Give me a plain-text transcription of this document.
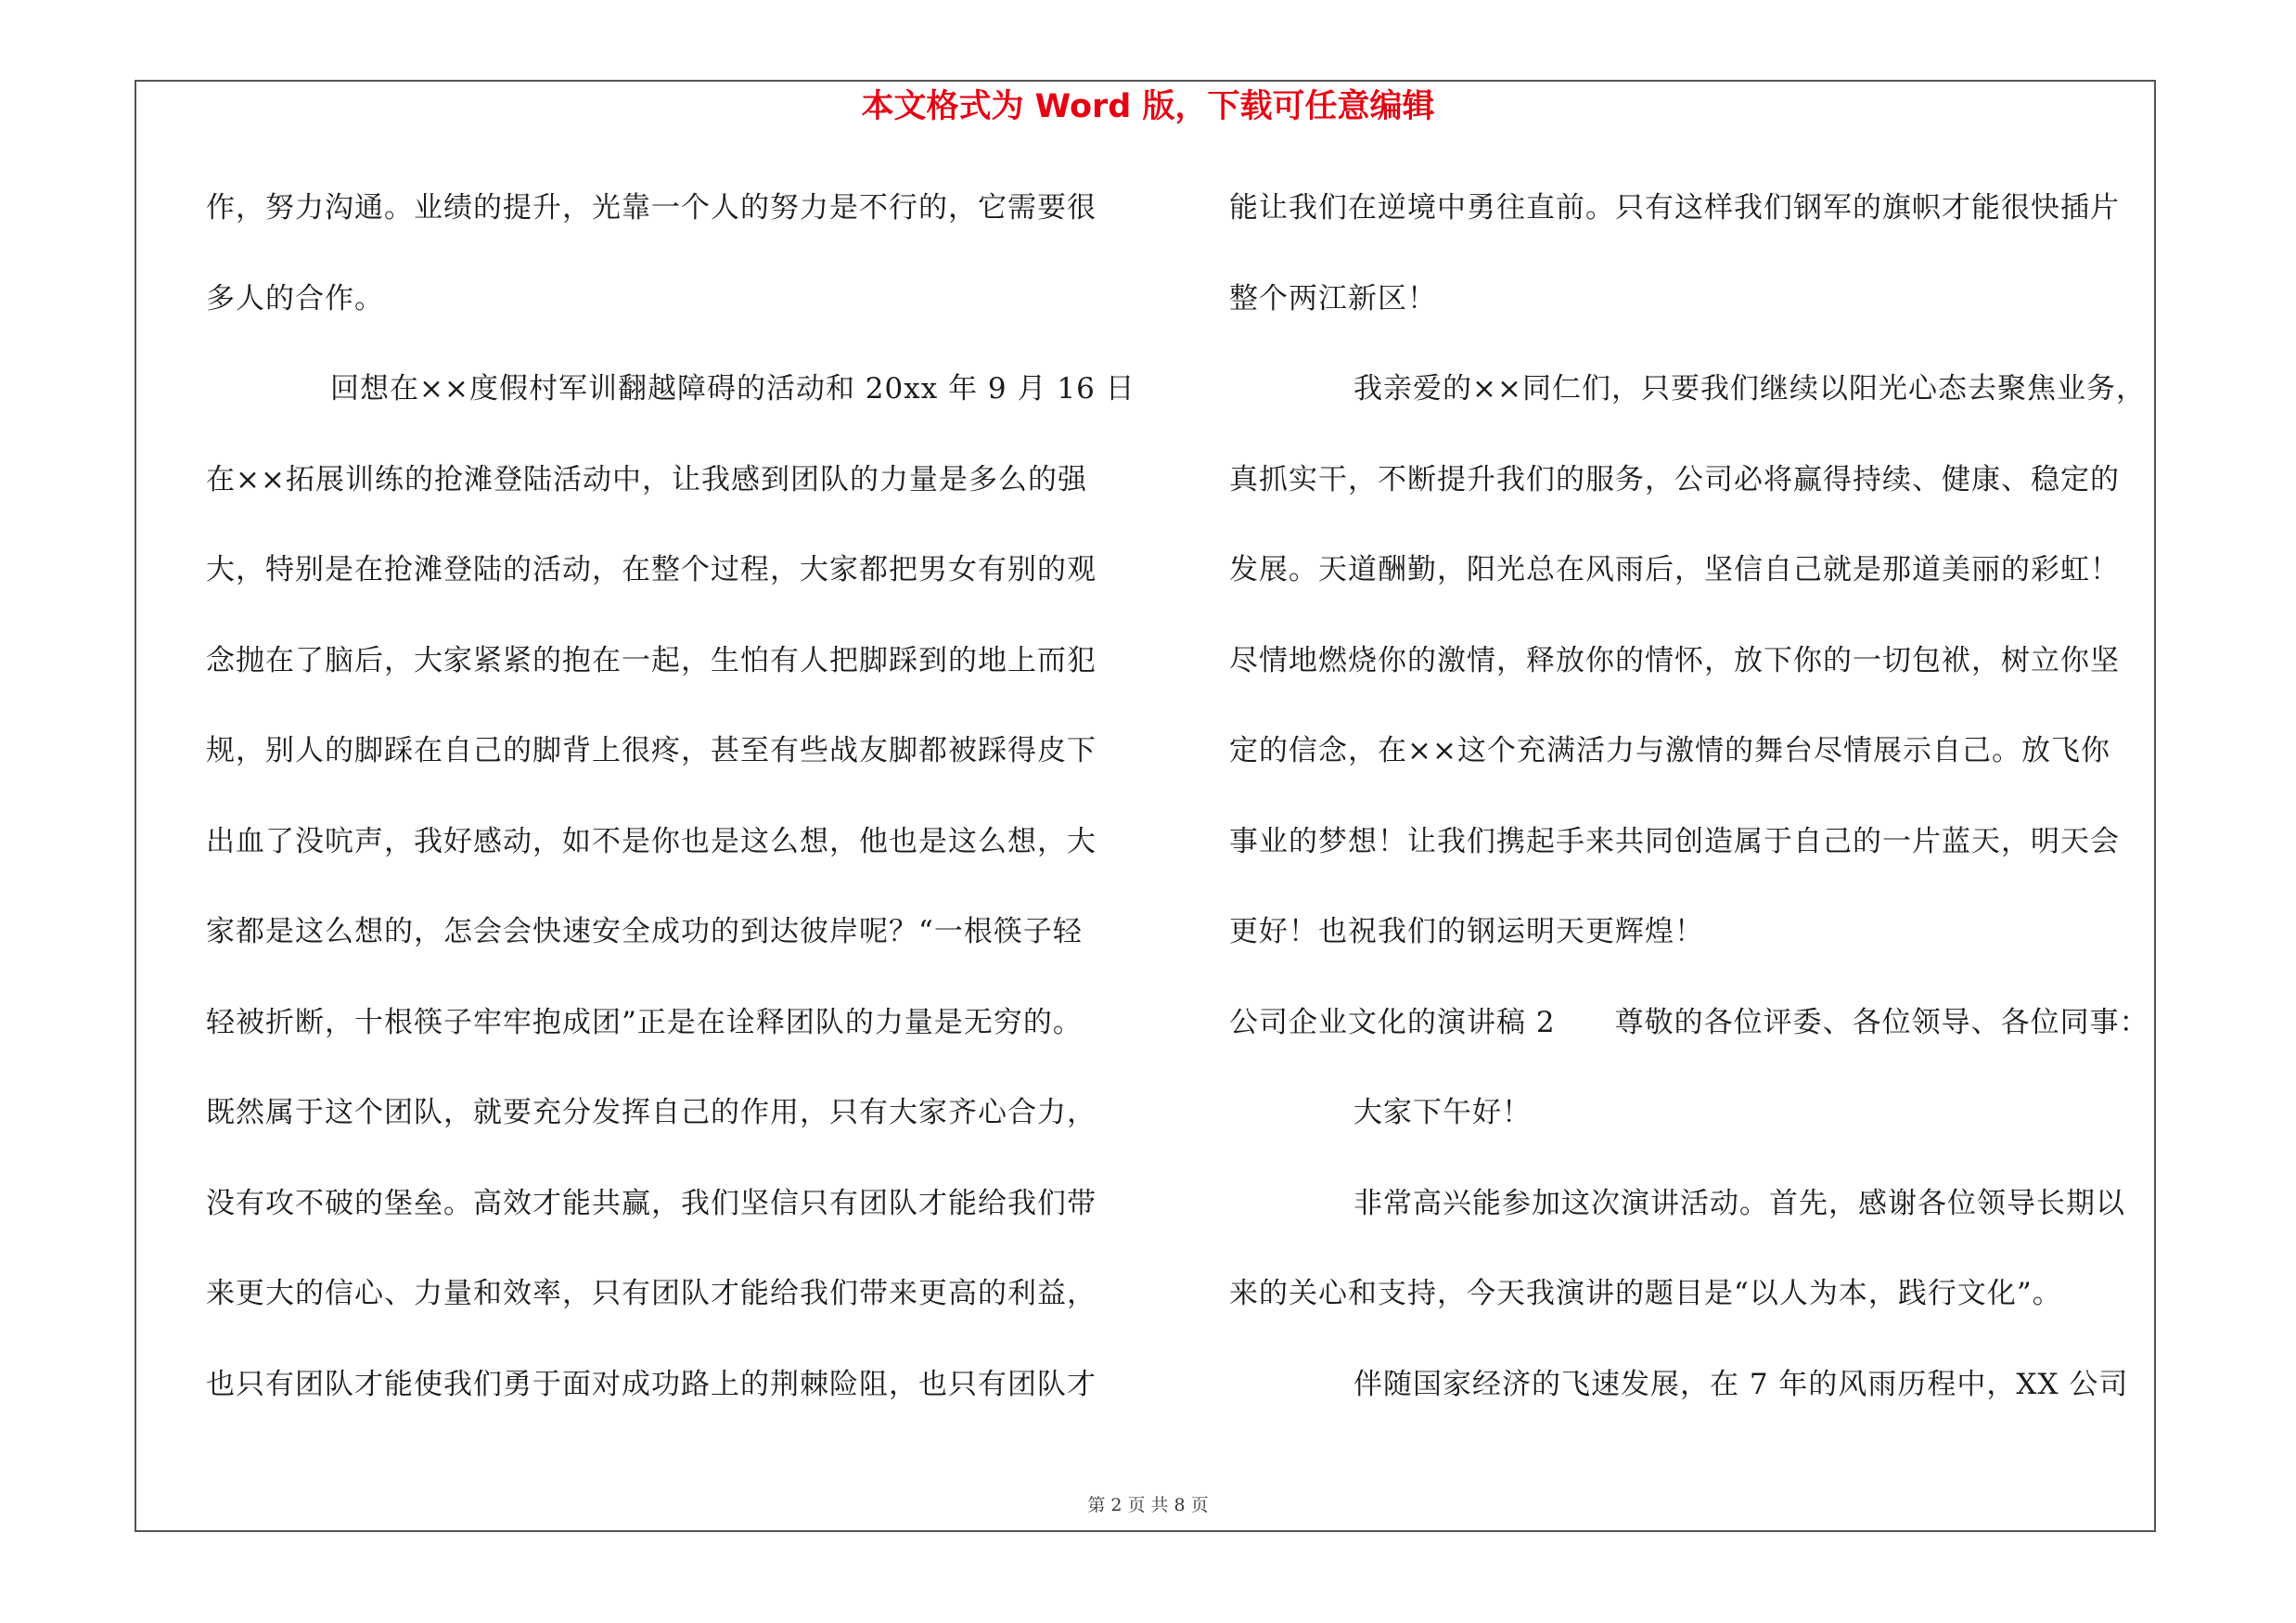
本文格式为 Word 版，下载可任意编辑
作，努力沟通。业绩的提升，光靠一个人的努力是不行的，它需要很
多人的合作。
回想在××度假村军训翻越障碍的活动和 20xx 年 9 月 16 日
在××拓展训练的抢滩登陆活动中，让我感到团队的力量是多么的强
大，特别是在抢滩登陆的活动，在整个过程，大家都把男女有别的观
念抛在了脑后，大家紧紧的抱在一起，生怕有人把脚踩到的地上而犯
规，别人的脚踩在自己的脚背上很疼，甚至有些战友脚都被踩得皮下
出血了没吭声，我好感动，如不是你也是这么想，他也是这么想，大
家都是这么想的，怎会会快速安全成功的到达彼岸呢？“一根筷子轻
轻被折断，十根筷子牢牢抱成团”正是在诠释团队的力量是无穷的。
既然属于这个团队，就要充分发挥自己的作用，只有大家齐心合力，
没有攻不破的堡垒。高效才能共赢，我们坚信只有团队才能给我们带
来更大的信心、力量和效率，只有团队才能给我们带来更高的利益，
也只有团队才能使我们勇于面对成功路上的荆棘险阻，也只有团队才
能让我们在逆境中勇往直前。只有这样我们钢军的旗帜才能很快插片
整个两江新区！
我亲爱的××同仁们，只要我们继续以阳光心态去聚焦业务，
真抓实干，不断提升我们的服务，公司必将赢得持续、健康、稳定的
发展。天道酬勤，阳光总在风雨后，坚信自己就是那道美丽的彩虹！
尽情地燃烧你的激情，释放你的情怀，放下你的一切包袱，树立你坚
定的信念，在××这个充满活力与激情的舞台尽情展示自己。放飞你
事业的梦想！让我们携起手来共同创造属于自己的一片蓝天，明天会
更好！也祝我们的钢运明天更辉煌！
公司企业文化的演讲稿 2　　尊敬的各位评委、各位领导、各位同事：
大家下午好！
非常高兴能参加这次演讲活动。首先，感谢各位领导长期以
来的关心和支持，今天我演讲的题目是“以人为本，践行文化”。
伴随国家经济的飞速发展，在 7 年的风雨历程中，XX 公司
第 2 页 共 8 页
